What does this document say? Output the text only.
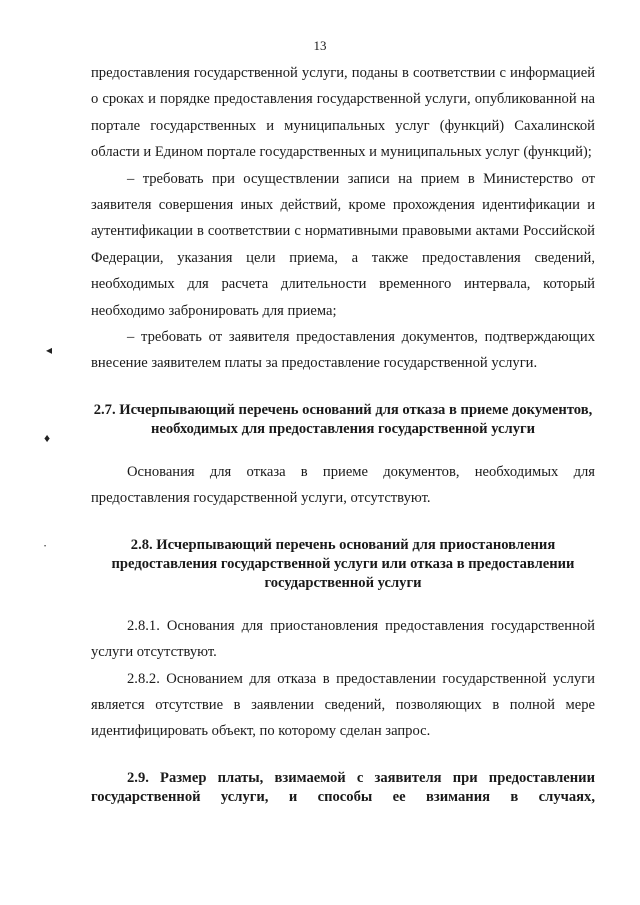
13
◂
♦
•

предоставления государственной услуги, поданы в соответствии с информацией о сроках и порядке предоставления государственной услуги, опубликованной на портале государственных и муниципальных услуг (функций) Сахалинской области и Едином портале государственных и муниципальных услуг (функций);

– требовать при осуществлении записи на прием в Министерство от заявителя совершения иных действий, кроме прохождения идентификации и аутентификации в соответствии с нормативными правовыми актами Российской Федерации, указания цели приема, а также предоставления сведений, необходимых для расчета длительности временного интервала, который необходимо забронировать для приема;

– требовать от заявителя предоставления документов, подтверждающих внесение заявителем платы за предоставление государственной услуги.

2.7. Исчерпывающий перечень оснований для отказа в приеме документов, необходимых для предоставления государственной услуги

Основания для отказа в приеме документов, необходимых для предоставления государственной услуги, отсутствуют.

2.8. Исчерпывающий перечень оснований для приостановления предоставления государственной услуги или отказа в предоставлении государственной услуги

2.8.1. Основания для приостановления предоставления государственной услуги отсутствуют.

2.8.2. Основанием для отказа в предоставлении государственной услуги является отсутствие в заявлении сведений, позволяющих в полной мере идентифицировать объект, по которому сделан запрос.

2.9. Размер платы, взимаемой с заявителя при предоставлении государственной услуги, и способы ее взимания в случаях,
